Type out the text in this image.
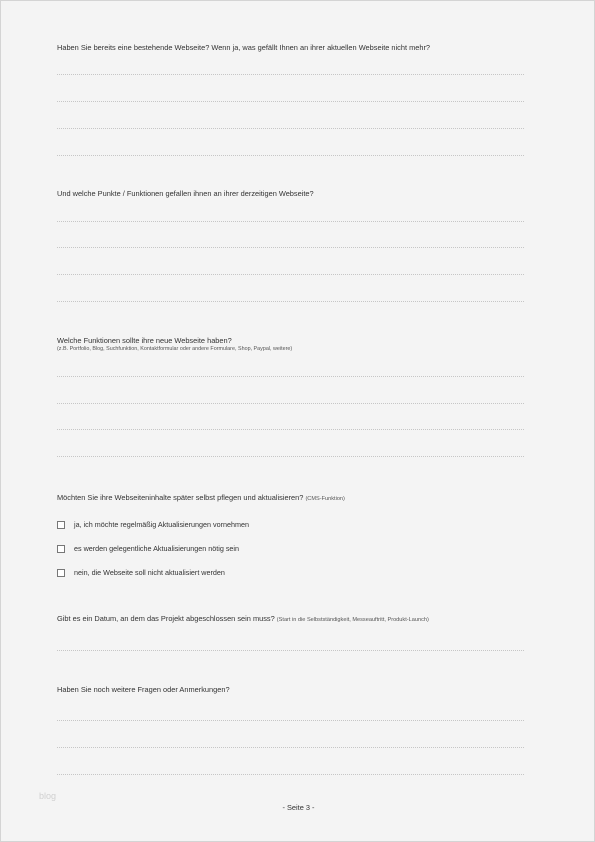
Haben Sie bereits eine bestehende Webseite? Wenn ja, was gefällt Ihnen an ihrer aktuellen Webseite nicht mehr?

Und welche Punkte / Funktionen gefallen ihnen an ihrer derzeitigen Webseite?

Welche Funktionen sollte ihre neue Webseite haben?

(z.B. Portfolio, Blog, Suchfunktion, Kontaktformular oder andere Formulare, Shop, Paypal, weitere)

Möchten Sie ihre Webseiteninhalte später selbst pflegen und aktualisieren? (CMS-Funktion)

ja, ich möchte regelmäßig Aktualisierungen vornehmen
es werden gelegentliche Aktualisierungen nötig sein
nein, die Webseite soll nicht aktualisiert werden

Gibt es ein Datum, an dem das Projekt abgeschlossen sein muss? (Start in die Selbstständigkeit, Messeauftritt, Produkt-Launch)

Haben Sie noch weitere Fragen oder Anmerkungen?

blog

- Seite 3 -
